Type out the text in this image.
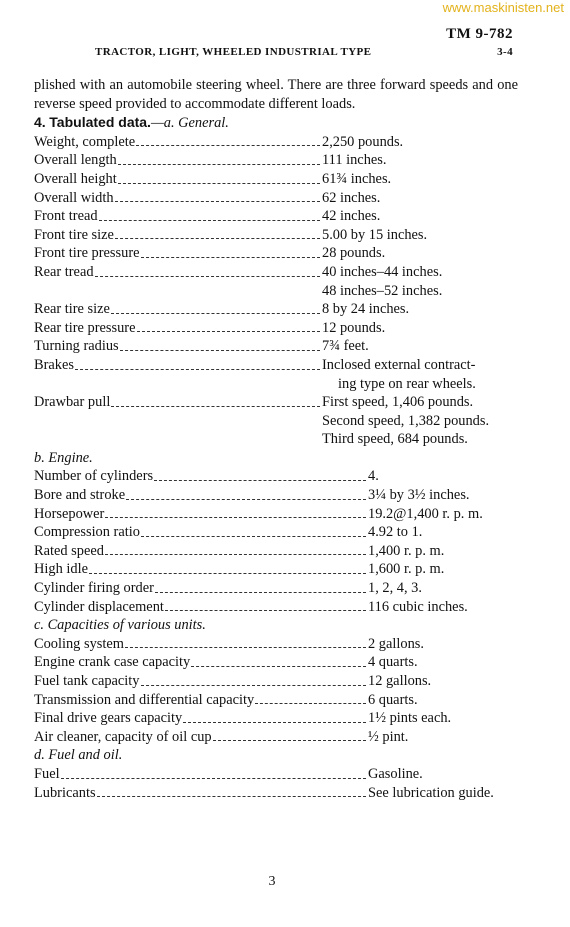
www.maskinisten.net
TM 9-782
TRACTOR, LIGHT, WHEELED INDUSTRIAL TYPE	3-4

plished with an automobile steering wheel. There are three forward speeds and one reverse speed provided to accommodate different loads.

4. Tabulated data.—a. General.

Weight, complete	2,250 pounds.
Overall length	111 inches.
Overall height	61¾ inches.
Overall width	62 inches.
Front tread	42 inches.
Front tire size	5.00 by 15 inches.
Front tire pressure	28 pounds.
Rear tread	40 inches–44 inches.
48 inches–52 inches.
Rear tire size	8 by 24 inches.
Rear tire pressure	12 pounds.
Turning radius	7¾ feet.
Brakes	Inclosed external contract-
ing type on rear wheels.
Drawbar pull	First speed, 1,406 pounds.
Second speed, 1,382 pounds.
Third speed, 684 pounds.

b. Engine.

Number of cylinders	4.
Bore and stroke	3¼ by 3½ inches.
Horsepower	19.2@1,400 r. p. m.
Compression ratio	4.92 to 1.
Rated speed	1,400 r. p. m.
High idle	1,600 r. p. m.
Cylinder firing order	1, 2, 4, 3.
Cylinder displacement	116 cubic inches.

c. Capacities of various units.

Cooling system	2 gallons.
Engine crank case capacity	4 quarts.
Fuel tank capacity	12 gallons.
Transmission and differential capacity	6 quarts.
Final drive gears capacity	1½ pints each.
Air cleaner, capacity of oil cup	½ pint.

d. Fuel and oil.

Fuel	Gasoline.
Lubricants	See lubrication guide.
3
